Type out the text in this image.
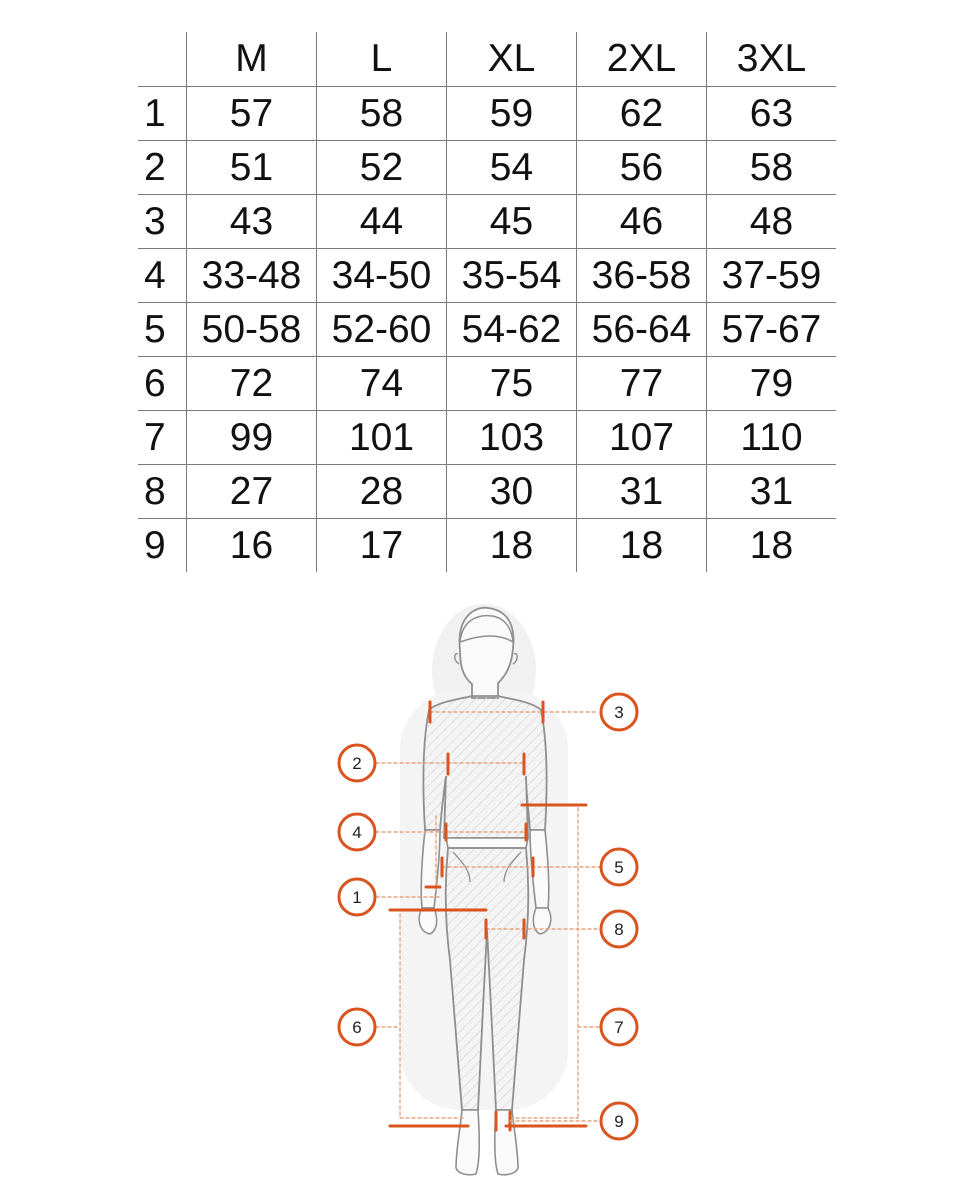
	M	L	XL	2XL	3XL
1	57	58	59	62	63
2	51	52	54	56	58
3	43	44	45	46	48
4	33-48	34-50	35-54	36-58	37-59
5	50-58	52-60	54-62	56-64	57-67
6	72	74	75	77	79
7	99	101	103	107	110
8	27	28	30	31	31
9	16	17	18	18	18
1
2
3
4
5
6	7
8
9
